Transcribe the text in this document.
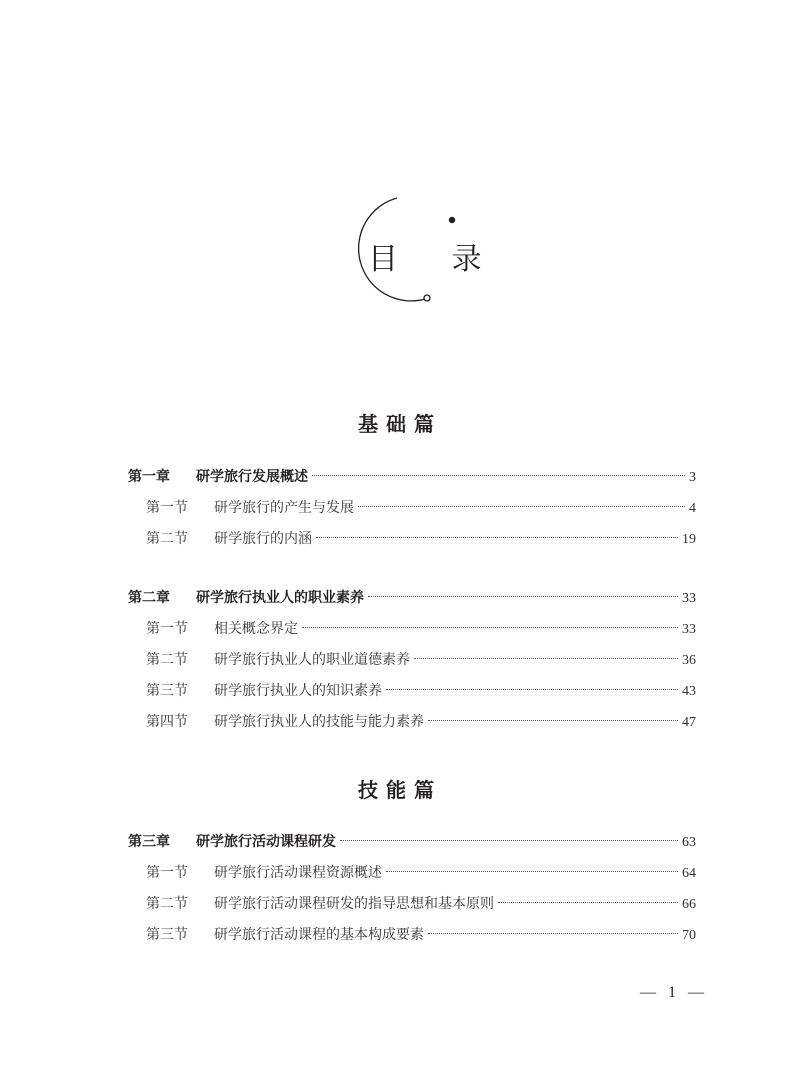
目 录
基础篇
第一章	研学旅行发展概述	3
第一节	研学旅行的产生与发展	4
第二节	研学旅行的内涵	19
第二章	研学旅行执业人的职业素养	33
第一节	相关概念界定	33
第二节	研学旅行执业人的职业道德素养	36
第三节	研学旅行执业人的知识素养	43
第四节	研学旅行执业人的技能与能力素养	47
技能篇
第三章	研学旅行活动课程研发	63
第一节	研学旅行活动课程资源概述	64
第二节	研学旅行活动课程研发的指导思想和基本原则	66
第三节	研学旅行活动课程的基本构成要素	70
— 1 —
